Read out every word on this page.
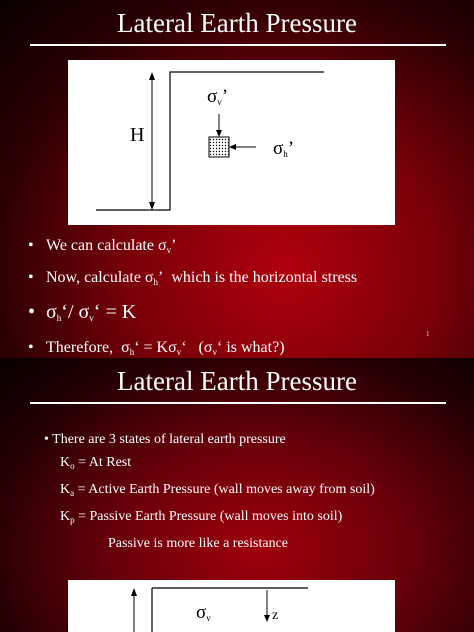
Lateral Earth Pressure
H
$\sigma_v$’
$\sigma_h$’
• We can calculate $\sigma_v$’
• Now, calculate $\sigma_h$’  which is the horizontal stress
• $\sigma_h‘/$ $\sigma_v‘ = K$
• Therefore,  $\sigma_h‘$ = $K\sigma_v‘$   ($\sigma_v‘$ is what?)
1
Lateral Earth Pressure
• There are 3 states of lateral earth pressure
$K_o = At$ Rest
$K_a$ = Active Earth Pressure (wall moves away from soil)
$K_p$ = Passive Earth Pressure (wall moves into soil)
Passive is more like a resistance
$\sigma_v$	z
